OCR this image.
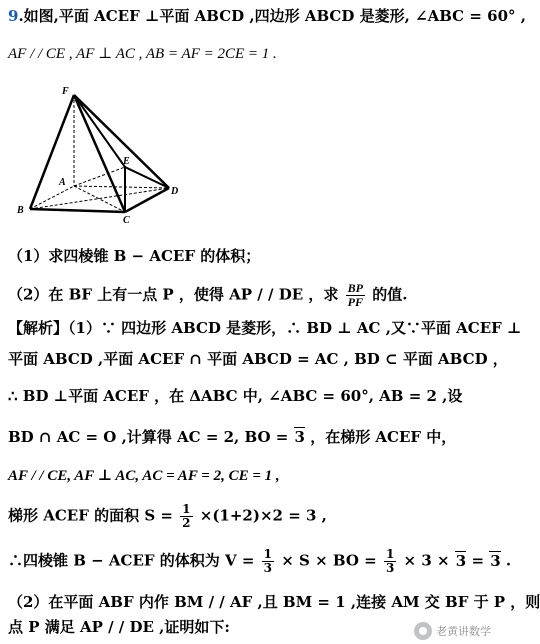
9.如图,平面 ACEF ⊥平面 ABCD ,四边形 ABCD 是菱形, ∠ABC = 60° ,
AF / / CE , AF ⊥ AC , AB = AF = 2CE = 1 .
F
E
A
D
B
C
（1）求四棱锥 B − ACEF 的体积；
（2）在 BF 上有一点 P ，使得 AP / / DE ，求 $\frac{BP}{PF}$ 的值.
【解析】（1）∵ 四边形 ABCD 是菱形，∴ BD ⊥ AC ,又∵平面 ACEF ⊥
平面 ABCD ,平面 ACEF ∩ 平面 ABCD = AC , BD ⊂ 平面 ABCD ，
∴ BD ⊥平面 ACEF ，在 ΔABC 中, ∠ABC = 60°, AB = 2 ,设
BD ∩ AC = O ,计算得 AC = 2, BO = 3 ，在梯形 ACEF 中，
AF / / CE, AF ⊥ AC, AC = AF = 2, CE = 1 ,
梯形 ACEF 的面积 $S = \frac{1}{2} \times(1+2)\times 2 = 3$ ,
∴四棱锥 B − ACEF 的体积为 $V = \frac{1}{3} \times S$ × BO = $\frac{1}{3} \times 3 \times 3 = 3$ .
（2）在平面 ABF 内作 BM / / AF ,且 BM = 1 ,连接 AM 交 BF 于 P ，则
点 P 满足 AP / / DE ,证明如下:	老黄讲数学
